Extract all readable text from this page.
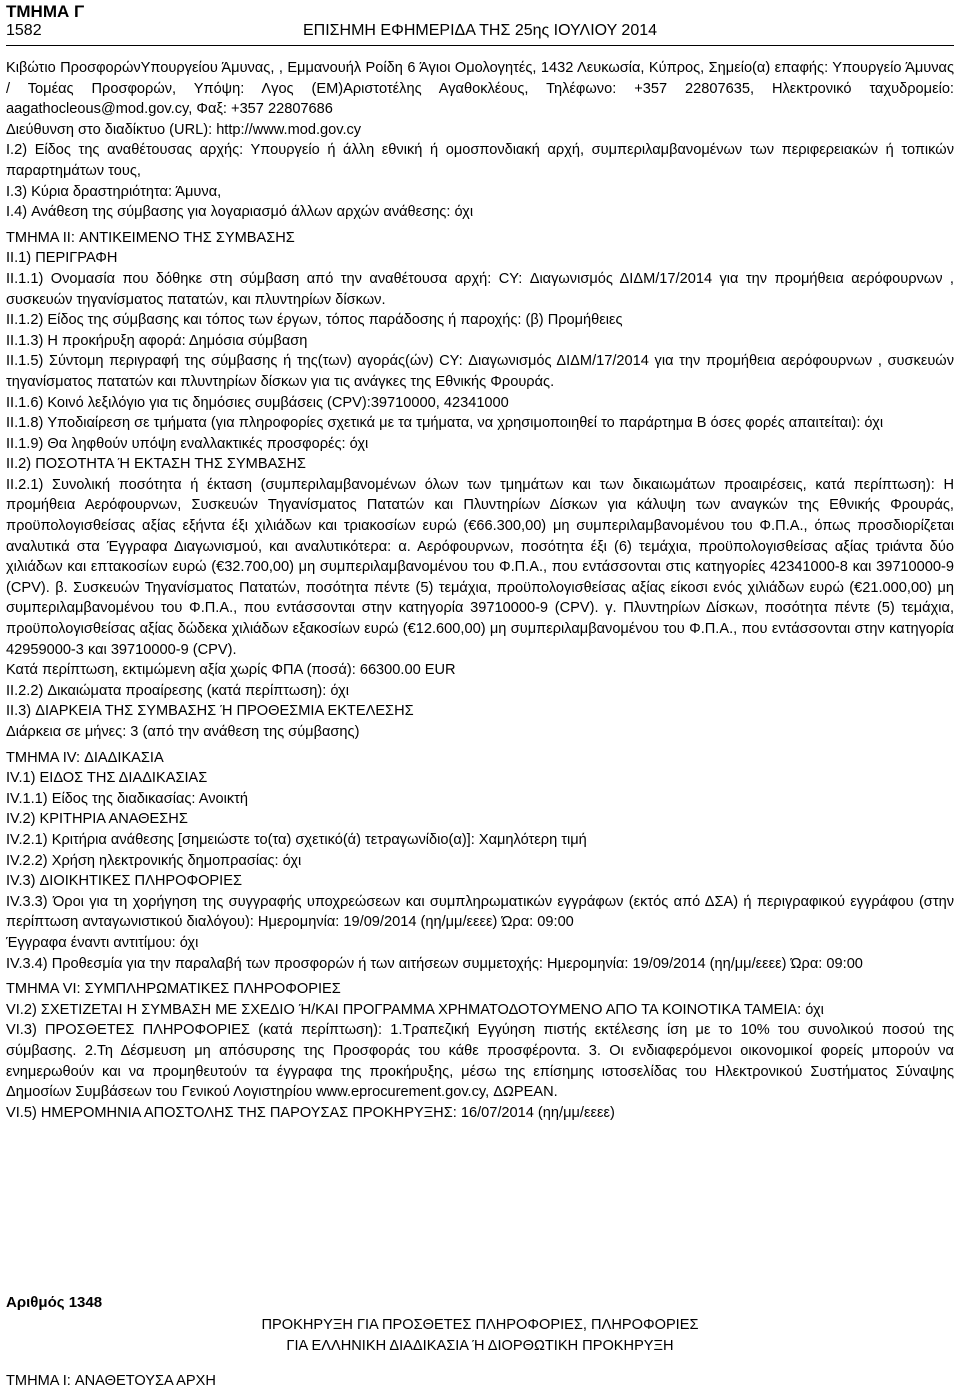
ΤΜΗΜΑ Γ
1582	ΕΠΙΣΗΜΗ ΕΦΗΜΕΡΙΔΑ ΤΗΣ 25ης ΙΟΥΛΙΟΥ 2014

Κιβώτιο ΠροσφορώνΥπουργείου Άμυνας, , Εμμανουήλ Ροίδη 6 Άγιοι Ομολογητές, 1432 Λευκωσία, Κύπρος, Σημείο(α) επαφής: Υπουργείο Άμυνας / Τομέας Προσφορών, Υπόψη: Λγος (ΕΜ)Αριστοτέλης Αγαθοκλέους, Τηλέφωνο: +357 22807635, Ηλεκτρονικό ταχυδρομείο: aagathocleous@mod.gov.cy, Φαξ: +357 22807686

Διεύθυνση στο διαδίκτυο (URL): http://www.mod.gov.cy

I.2) Είδος της αναθέτουσας αρχής: Υπουργείο ή άλλη εθνική ή ομοσπονδιακή αρχή, συμπεριλαμβανομένων των περιφερειακών ή τοπικών παραρτημάτων τους,

I.3) Κύρια δραστηριότητα: Άμυνα,

I.4) Ανάθεση της σύμβασης για λογαριασμό άλλων αρχών ανάθεσης: όχι

ΤΜΗΜΑ II: ΑΝΤΙΚΕΙΜΕΝΟ ΤΗΣ ΣΥΜΒΑΣΗΣ

II.1) ΠΕΡΙΓΡΑΦΗ

II.1.1) Ονομασία που δόθηκε στη σύμβαση από την αναθέτουσα αρχή: CY: Διαγωνισμός ΔΙΔΜ/17/2014 για την προμήθεια αερόφουρνων , συσκευών τηγανίσματος πατατών, και πλυντηρίων δίσκων.

II.1.2) Είδος της σύμβασης και τόπος των έργων, τόπος παράδοσης ή παροχής: (β) Προμήθειες

II.1.3) Η προκήρυξη αφορά: Δημόσια σύμβαση

II.1.5) Σύντομη περιγραφή της σύμβασης ή της(των) αγοράς(ών) CY: Διαγωνισμός ΔΙΔΜ/17/2014 για την προμήθεια αερόφουρνων , συσκευών τηγανίσματος πατατών και πλυντηρίων δίσκων για τις ανάγκες της Εθνικής Φρουράς.

II.1.6) Κοινό λεξιλόγιο για τις δημόσιες συμβάσεις (CPV):39710000, 42341000

II.1.8) Υποδιαίρεση σε τμήματα (για πληροφορίες σχετικά με τα τμήματα, να χρησιμοποιηθεί το παράρτημα Β όσες φορές απαιτείται): όχι

II.1.9) Θα ληφθούν υπόψη εναλλακτικές προσφορές: όχι

II.2) ΠΟΣΟΤΗΤΑ Ή ΕΚΤΑΣΗ ΤΗΣ ΣΥΜΒΑΣΗΣ

II.2.1) Συνολική ποσότητα ή έκταση (συμπεριλαμβανομένων όλων των τμημάτων και των δικαιωμάτων προαιρέσεις, κατά περίπτωση): Η προμήθεια Αερόφουρνων, Συσκευών Τηγανίσματος Πατατών και Πλυντηρίων Δίσκων για κάλυψη των αναγκών της Εθνικής Φρουράς, προϋπολογισθείσας αξίας εξήντα έξι χιλιάδων και τριακοσίων ευρώ (€66.300,00) μη συμπεριλαμβανομένου του Φ.Π.Α., όπως προσδιορίζεται αναλυτικά στα Έγγραφα Διαγωνισμού, και αναλυτικότερα: α. Αερόφουρνων, ποσότητα έξι (6) τεμάχια, προϋπολογισθείσας αξίας τριάντα δύο χιλιάδων και επτακοσίων ευρώ (€32.700,00) μη συμπεριλαμβανομένου του Φ.Π.Α., που εντάσσονται στις κατηγορίες 42341000-8 και 39710000-9 (CPV). β. Συσκευών Τηγανίσματος Πατατών, ποσότητα πέντε (5) τεμάχια, προϋπολογισθείσας αξίας είκοσι ενός χιλιάδων ευρώ (€21.000,00) μη συμπεριλαμβανομένου του Φ.Π.Α., που εντάσσονται στην κατηγορία 39710000-9 (CPV). γ. Πλυντηρίων Δίσκων, ποσότητα πέντε (5) τεμάχια, προϋπολογισθείσας αξίας δώδεκα χιλιάδων εξακοσίων ευρώ (€12.600,00) μη συμπεριλαμβανομένου του Φ.Π.Α., που εντάσσονται στην κατηγορία 42959000-3 και 39710000-9 (CPV).

Κατά περίπτωση, εκτιμώμενη αξία χωρίς ΦΠΑ (ποσά): 66300.00 EUR

II.2.2) Δικαιώματα προαίρεσης (κατά περίπτωση): όχι

II.3) ΔΙΑΡΚΕΙΑ ΤΗΣ ΣΥΜΒΑΣΗΣ Ή ΠΡΟΘΕΣΜΙΑ ΕΚΤΕΛΕΣΗΣ

Διάρκεια σε μήνες: 3 (από την ανάθεση της σύμβασης)

ΤΜΗΜΑ IV: ΔΙΑΔΙΚΑΣΙΑ

IV.1) ΕΙΔΟΣ ΤΗΣ ΔΙΑΔΙΚΑΣΙΑΣ

IV.1.1) Είδος της διαδικασίας: Ανοικτή

IV.2) ΚΡΙΤΗΡΙΑ ΑΝΑΘΕΣΗΣ

IV.2.1) Κριτήρια ανάθεσης [σημειώστε το(τα) σχετικό(ά) τετραγωνίδιο(α)]: Χαμηλότερη τιμή

IV.2.2) Χρήση ηλεκτρονικής δημοπρασίας: όχι

IV.3) ΔΙΟΙΚΗΤΙΚΕΣ ΠΛΗΡΟΦΟΡΙΕΣ

IV.3.3) Όροι για τη χορήγηση της συγγραφής υποχρεώσεων και συμπληρωματικών εγγράφων (εκτός από ΔΣΑ) ή περιγραφικού εγγράφου (στην περίπτωση ανταγωνιστικού διαλόγου): Ημερομηνία: 19/09/2014 (ηη/μμ/εεεε) Ώρα: 09:00

Έγγραφα έναντι αντιτίμου: όχι

IV.3.4) Προθεσμία για την παραλαβή των προσφορών ή των αιτήσεων συμμετοχής: Ημερομηνία: 19/09/2014 (ηη/μμ/εεεε) Ώρα: 09:00

ΤΜΗΜΑ VI: ΣΥΜΠΛΗΡΩΜΑΤΙΚΕΣ ΠΛΗΡΟΦΟΡΙΕΣ

VI.2) ΣΧΕΤΙΖΕΤΑΙ Η ΣΥΜΒΑΣΗ ΜΕ ΣΧΕΔΙΟ Ή/ΚΑΙ ΠΡΟΓΡΑΜΜΑ ΧΡΗΜΑΤΟΔΟΤΟΥΜΕΝΟ ΑΠΟ ΤΑ ΚΟΙΝΟΤΙΚΑ ΤΑΜΕΙΑ: όχι

VI.3) ΠΡΟΣΘΕΤΕΣ ΠΛΗΡΟΦΟΡΙΕΣ (κατά περίπτωση): 1.Τραπεζική Εγγύηση πιστής εκτέλεσης ίση με το 10% του συνολικού ποσού της σύμβασης. 2.Τη Δέσμευση μη απόσυρσης της Προσφοράς του κάθε προσφέροντα. 3. Οι ενδιαφερόμενοι οικονομικοί φορείς μπορούν να ενημερωθούν και να προμηθευτούν τα έγγραφα της προκήρυξης, μέσω της επίσημης ιστοσελίδας του Ηλεκτρονικού Συστήματος Σύναψης Δημοσίων Συμβάσεων του Γενικού Λογιστηρίου www.eprocurement.gov.cy, ΔΩΡΕΑΝ.

VI.5) ΗΜΕΡΟΜΗΝΙΑ ΑΠΟΣΤΟΛΗΣ ΤΗΣ ΠΑΡΟΥΣΑΣ ΠΡΟΚΗΡΥΞΗΣ: 16/07/2014 (ηη/μμ/εεεε)

Αριθμός 1348
ΠΡΟΚΗΡΥΞΗ ΓΙΑ ΠΡΟΣΘΕΤΕΣ ΠΛΗΡΟΦΟΡΙΕΣ, ΠΛΗΡΟΦΟΡΙΕΣ
ΓΙΑ ΕΛΛΗΝΙΚΗ ΔΙΑΔΙΚΑΣΙΑ Ή ΔΙΟΡΘΩΤΙΚΗ ΠΡΟΚΗΡΥΞΗ
ΤΜΗΜΑ I: ΑΝΑΘΕΤΟΥΣΑ ΑΡΧΗ
